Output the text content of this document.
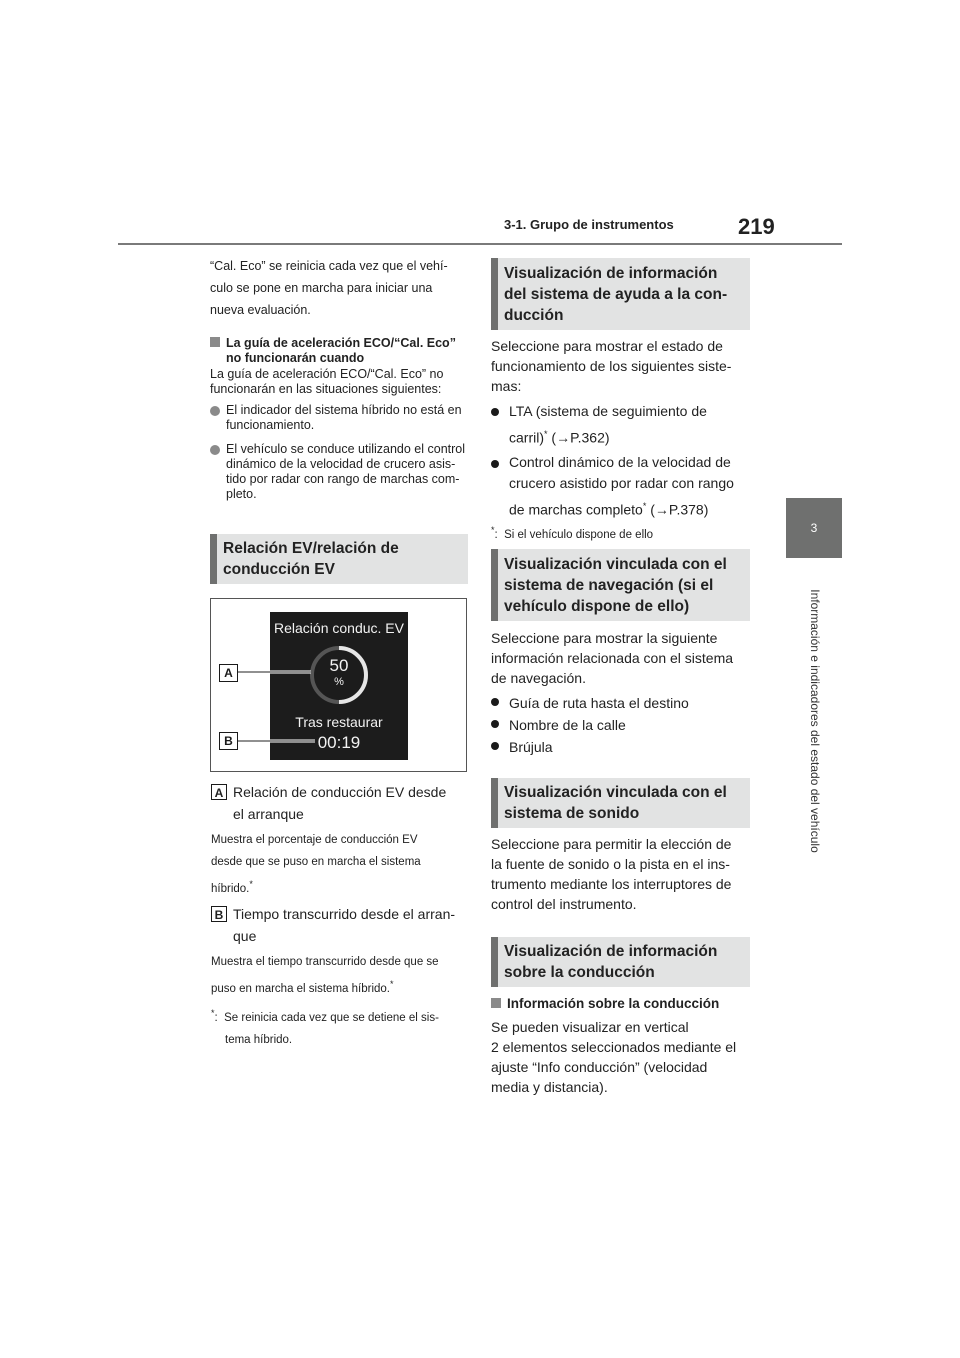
3-1. Grupo de instrumentos	219
3
Información e indicadores del estado del vehículo
“Cal. Eco” se reinicia cada vez que el vehí-
culo se pone en marcha para iniciar una
nueva evaluación.
La guía de aceleración ECO/“Cal. Eco”
no funcionarán cuando
La guía de aceleración ECO/“Cal. Eco” no
funcionarán en las situaciones siguientes:
El indicador del sistema híbrido no está en
funcionamiento.
El vehículo se conduce utilizando el control
dinámico de la velocidad de crucero asis-
tido por radar con rango de marchas com-
pleto.
Relación EV/relación de
conducción EV
Relación conduc. EV
50
%
Tras restaurar
00:19
A
B
A Relación de conducción EV desde
el arranque
Muestra el porcentaje de conducción EV
desde que se puso en marcha el sistema
híbrido.*
B Tiempo transcurrido desde el arran-
que
Muestra el tiempo transcurrido desde que se
puso en marcha el sistema híbrido.*
*: Se reinicia cada vez que se detiene el sis-
tema híbrido.
Visualización de información
del sistema de ayuda a la con-
ducción
Seleccione para mostrar el estado de
funcionamiento de los siguientes siste-
mas:
LTA (sistema de seguimiento de
carril)* (→P.362)
Control dinámico de la velocidad de
crucero asistido por radar con rango
de marchas completo* (→P.378)
*: Si el vehículo dispone de ello
Visualización vinculada con el
sistema de navegación (si el
vehículo dispone de ello)
Seleccione para mostrar la siguiente
información relacionada con el sistema
de navegación.
Guía de ruta hasta el destino
Nombre de la calle
Brújula
Visualización vinculada con el
sistema de sonido
Seleccione para permitir la elección de
la fuente de sonido o la pista en el ins-
trumento mediante los interruptores de
control del instrumento.
Visualización de información
sobre la conducción
Información sobre la conducción
Se pueden visualizar en vertical
2 elementos seleccionados mediante el
ajuste “Info conducción” (velocidad
media y distancia).
